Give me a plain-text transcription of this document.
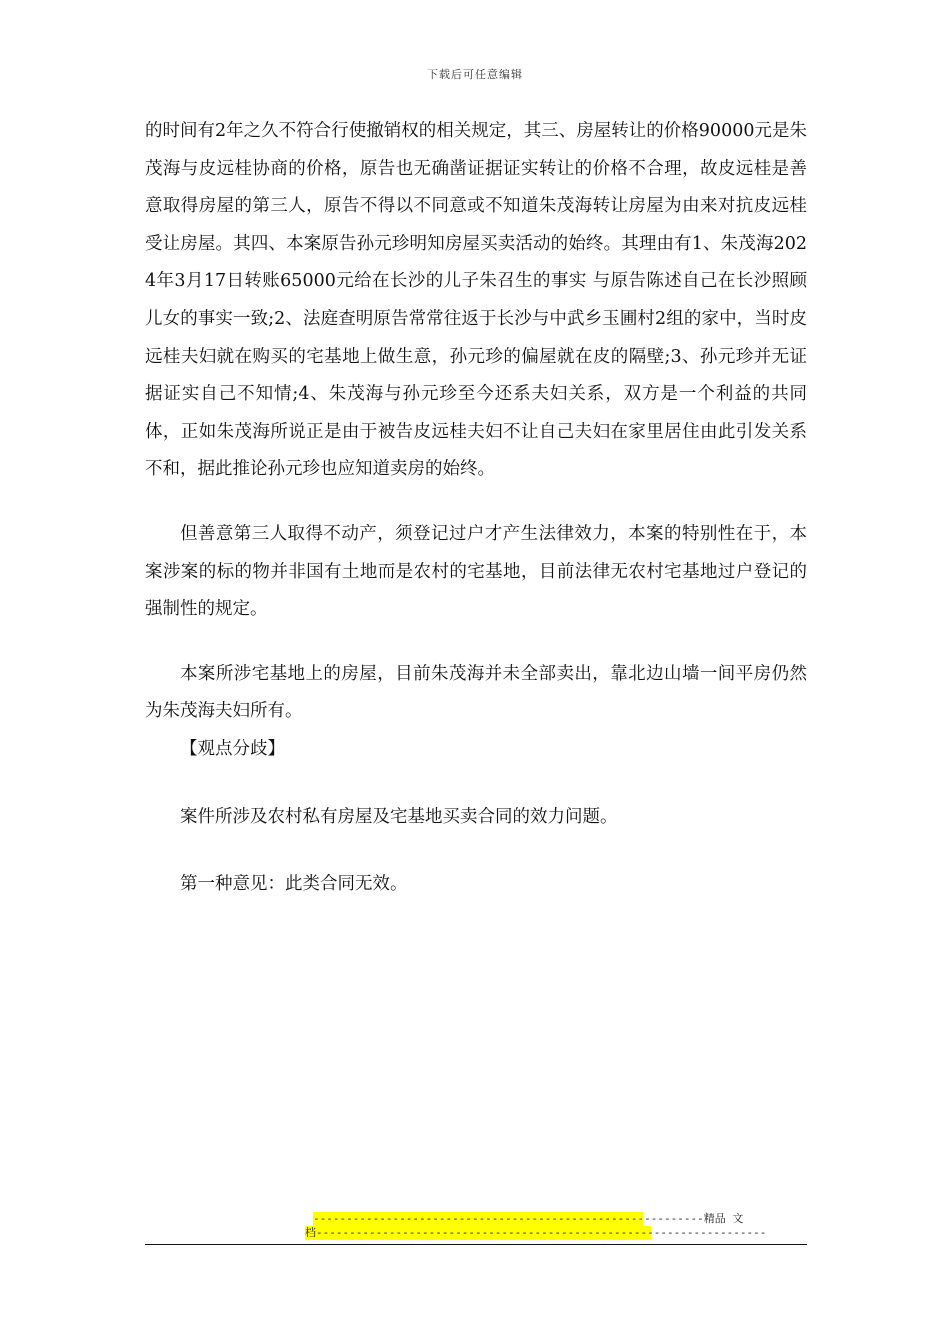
下载后可任意编辑

的时间有2年之久不符合行使撤销权的相关规定，其三、房屋转让的价格90000元是朱茂海与皮远桂协商的价格，原告也无确凿证据证实转让的价格不合理，故皮远桂是善意取得房屋的第三人，原告不得以不同意或不知道朱茂海转让房屋为由来对抗皮远桂受让房屋。其四、本案原告孙元珍明知房屋买卖活动的始终。其理由有1、朱茂海2024年3月17日转账65000元给在长沙的儿子朱召生的事实 与原告陈述自己在长沙照顾儿女的事实一致;2、法庭查明原告常常往返于长沙与中武乡玉圃村2组的家中，当时皮远桂夫妇就在购买的宅基地上做生意，孙元珍的偏屋就在皮的隔壁;3、孙元珍并无证据证实自己不知情;4、朱茂海与孙元珍至今还系夫妇关系，双方是一个利益的共同体，正如朱茂海所说正是由于被告皮远桂夫妇不让自己夫妇在家里居住由此引发关系不和，据此推论孙元珍也应知道卖房的始终。

但善意第三人取得不动产，须登记过户才产生法律效力，本案的特别性在于，本案涉案的标的物并非国有土地而是农村的宅基地，目前法律无农村宅基地过户登记的强制性的规定。

本案所涉宅基地上的房屋，目前朱茂海并未全部卖出，靠北边山墙一间平房仍然为朱茂海夫妇所有。

【观点分歧】

案件所涉及农村私有房屋及宅基地买卖合同的效力问题。

第一种意见：此类合同无效。

-----------------------------------------------------------精品 文
档--------------------------------------------------------------------
